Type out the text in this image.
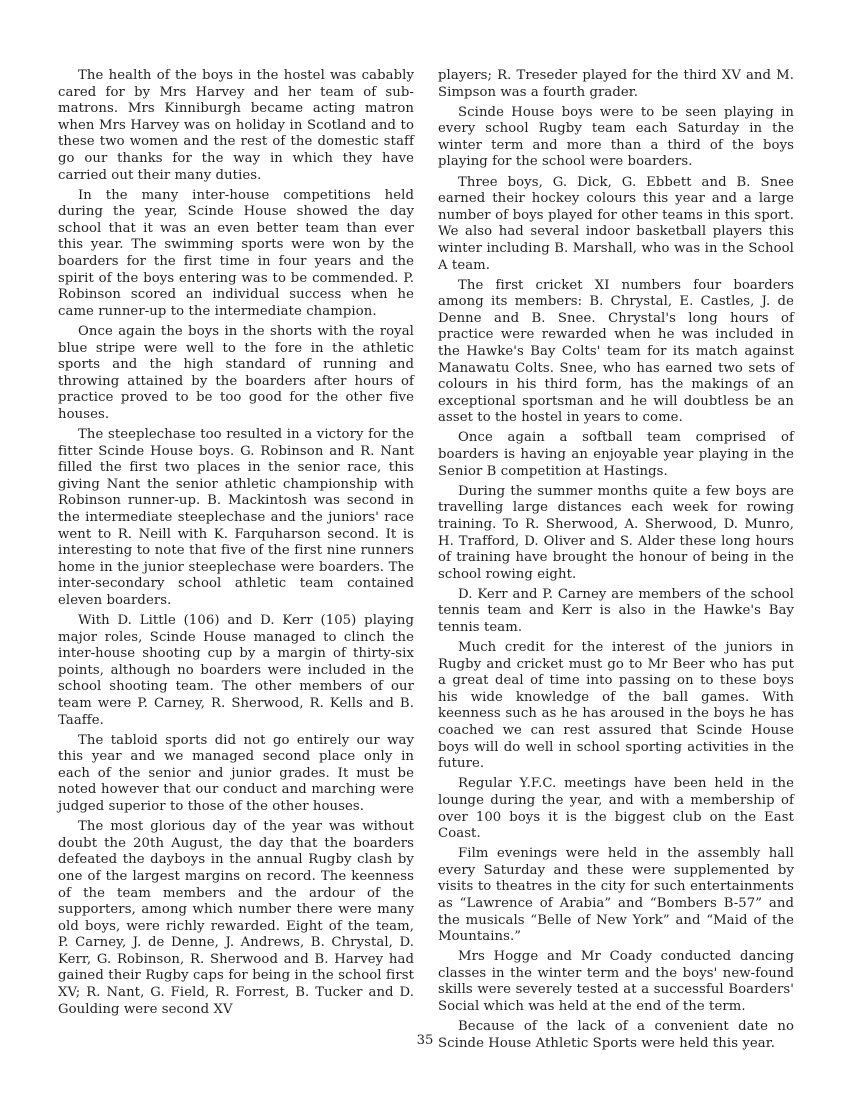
The health of the boys in the hostel was cabably cared for by Mrs Harvey and her team of sub-matrons. Mrs Kinniburgh became acting matron when Mrs Harvey was on holiday in Scotland and to these two women and the rest of the domestic staff go our thanks for the way in which they have carried out their many duties.

In the many inter-house competitions held during the year, Scinde House showed the day school that it was an even better team than ever this year. The swimming sports were won by the boarders for the first time in four years and the spirit of the boys entering was to be commended. P. Robinson scored an individual success when he came runner-up to the intermediate champion.

Once again the boys in the shorts with the royal blue stripe were well to the fore in the athletic sports and the high standard of running and throwing attained by the boarders after hours of practice proved to be too good for the other five houses.

The steeplechase too resulted in a victory for the fitter Scinde House boys. G. Robinson and R. Nant filled the first two places in the senior race, this giving Nant the senior athletic championship with Robinson runner-up. B. Mackintosh was second in the intermediate steeplechase and the juniors' race went to R. Neill with K. Farquharson second. It is interesting to note that five of the first nine runners home in the junior steeplechase were boarders. The inter-secondary school athletic team contained eleven boarders.

With D. Little (106) and D. Kerr (105) playing major roles, Scinde House managed to clinch the inter-house shooting cup by a margin of thirty-six points, although no boarders were included in the school shooting team. The other members of our team were P. Carney, R. Sherwood, R. Kells and B. Taaffe.

The tabloid sports did not go entirely our way this year and we managed second place only in each of the senior and junior grades. It must be noted however that our conduct and marching were judged superior to those of the other houses.

The most glorious day of the year was without doubt the 20th August, the day that the boarders defeated the dayboys in the annual Rugby clash by one of the largest margins on record. The keenness of the team members and the ardour of the supporters, among which number there were many old boys, were richly rewarded. Eight of the team, P. Carney, J. de Denne, J. Andrews, B. Chrystal, D. Kerr, G. Robinson, R. Sherwood and B. Harvey had gained their Rugby caps for being in the school first XV; R. Nant, G. Field, R. Forrest, B. Tucker and D. Goulding were second XV

players; R. Treseder played for the third XV and M. Simpson was a fourth grader.

Scinde House boys were to be seen playing in every school Rugby team each Saturday in the winter term and more than a third of the boys playing for the school were boarders.

Three boys, G. Dick, G. Ebbett and B. Snee earned their hockey colours this year and a large number of boys played for other teams in this sport. We also had several indoor basketball players this winter including B. Marshall, who was in the School A team.

The first cricket XI numbers four boarders among its members: B. Chrystal, E. Castles, J. de Denne and B. Snee. Chrystal's long hours of practice were rewarded when he was included in the Hawke's Bay Colts' team for its match against Manawatu Colts. Snee, who has earned two sets of colours in his third form, has the makings of an exceptional sportsman and he will doubtless be an asset to the hostel in years to come.

Once again a softball team comprised of boarders is having an enjoyable year playing in the Senior B competition at Hastings.

During the summer months quite a few boys are travelling large distances each week for rowing training. To R. Sherwood, A. Sherwood, D. Munro, H. Trafford, D. Oliver and S. Alder these long hours of training have brought the honour of being in the school rowing eight.

D. Kerr and P. Carney are members of the school tennis team and Kerr is also in the Hawke's Bay tennis team.

Much credit for the interest of the juniors in Rugby and cricket must go to Mr Beer who has put a great deal of time into passing on to these boys his wide knowledge of the ball games. With keenness such as he has aroused in the boys he has coached we can rest assured that Scinde House boys will do well in school sporting activities in the future.

Regular Y.F.C. meetings have been held in the lounge during the year, and with a membership of over 100 boys it is the biggest club on the East Coast.

Film evenings were held in the assembly hall every Saturday and these were supplemented by visits to theatres in the city for such entertainments as “Lawrence of Arabia” and “Bombers B-57” and the musicals “Belle of New York” and “Maid of the Mountains.”

Mrs Hogge and Mr Coady conducted dancing classes in the winter term and the boys' new-found skills were severely tested at a successful Boarders' Social which was held at the end of the term.

Because of the lack of a convenient date no Scinde House Athletic Sports were held this year.

35
